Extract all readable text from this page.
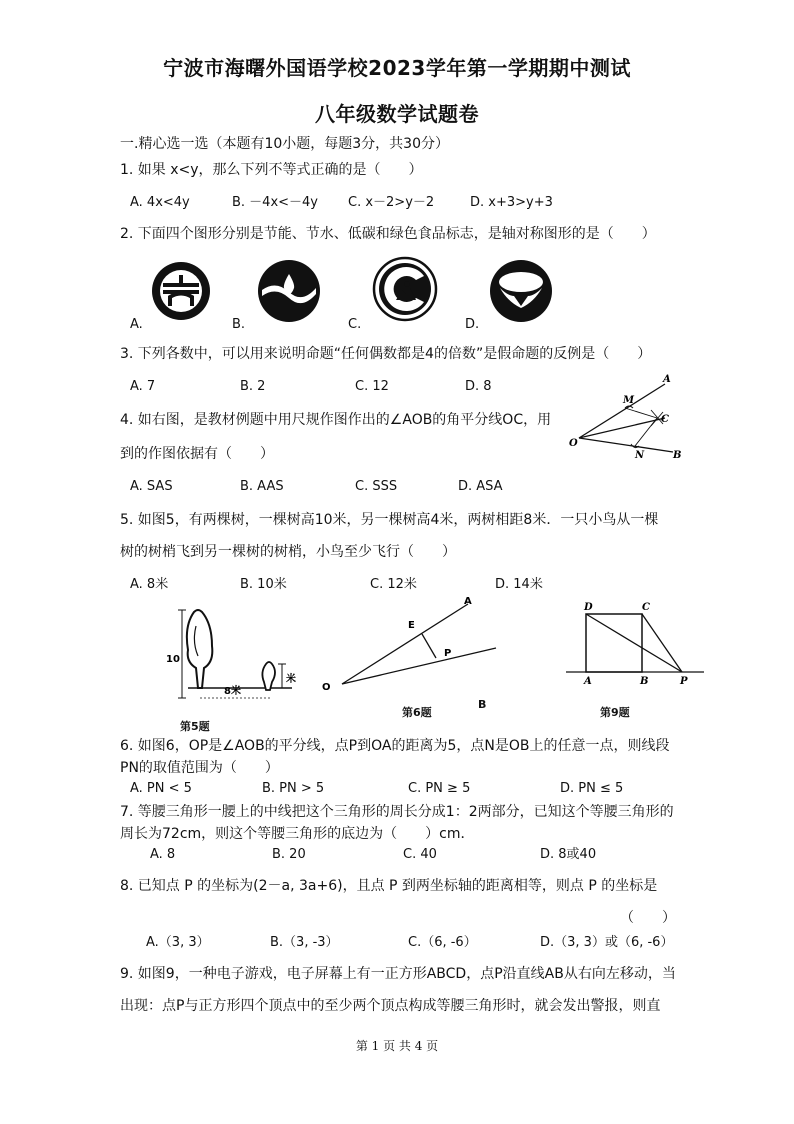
宁波市海曙外国语学校2023学年第一学期期中测试
八年级数学试题卷
一.精心选一选（本题有10小题，每题3分，共30分）
1. 如果 x<y，那么下列不等式正确的是（　　）
A. 4x<4y	B. －4x<－4y C. x－2>y－2	D. x+3>y+3
2. 下面四个图形分别是节能、节水、低碳和绿色食品标志，是轴对称图形的是（　　）
A.	B.	C.	D.
3. 下列各数中，可以用来说明命题“任何偶数都是4的倍数”是假命题的反例是（　　）
A. 7	B. 2	C. 12	D. 8
4. 如右图，是教材例题中用尺规作图作出的∠AOB的角平分线OC，用
到的作图依据有（　　）
A. SAS	B. AAS	C. SSS	D. ASA
A
M
C
O
N	B
5. 如图5，有两棵树，一棵树高10米，另一棵树高4米，两树相距8米．一只小鸟从一棵
树的树梢飞到另一棵树的树梢，小鸟至少飞行（　　）
A. 8米	B. 10米	C. 12米	D. 14米
10
8米
米
第5题
A
E
P
O
第6题
B
D	C
A	B	P
第9题
6. 如图6，OP是∠AOB的平分线，点P到OA的距离为5，点N是OB上的任意一点，则线段
PN的取值范围为（　　）
A. PN < 5	B. PN > 5	C. PN ≥ 5	D. PN ≤ 5
7. 等腰三角形一腰上的中线把这个三角形的周长分成1：2两部分，已知这个等腰三角形的
周长为72cm，则这个等腰三角形的底边为（　　）cm．
A. 8	B. 20	C. 40	D. 8或40
8. 已知点 P 的坐标为(2－a, 3a+6)，且点 P 到两坐标轴的距离相等，则点 P 的坐标是
（　　）
A.（3, 3）	B.（3, -3）	C.（6, -6）	D.（3, 3）或（6, -6）
9. 如图9，一种电子游戏，电子屏幕上有一正方形ABCD，点P沿直线AB从右向左移动，当
出现：点P与正方形四个顶点中的至少两个顶点构成等腰三角形时，就会发出警报，则直
第 1 页 共 4 页
